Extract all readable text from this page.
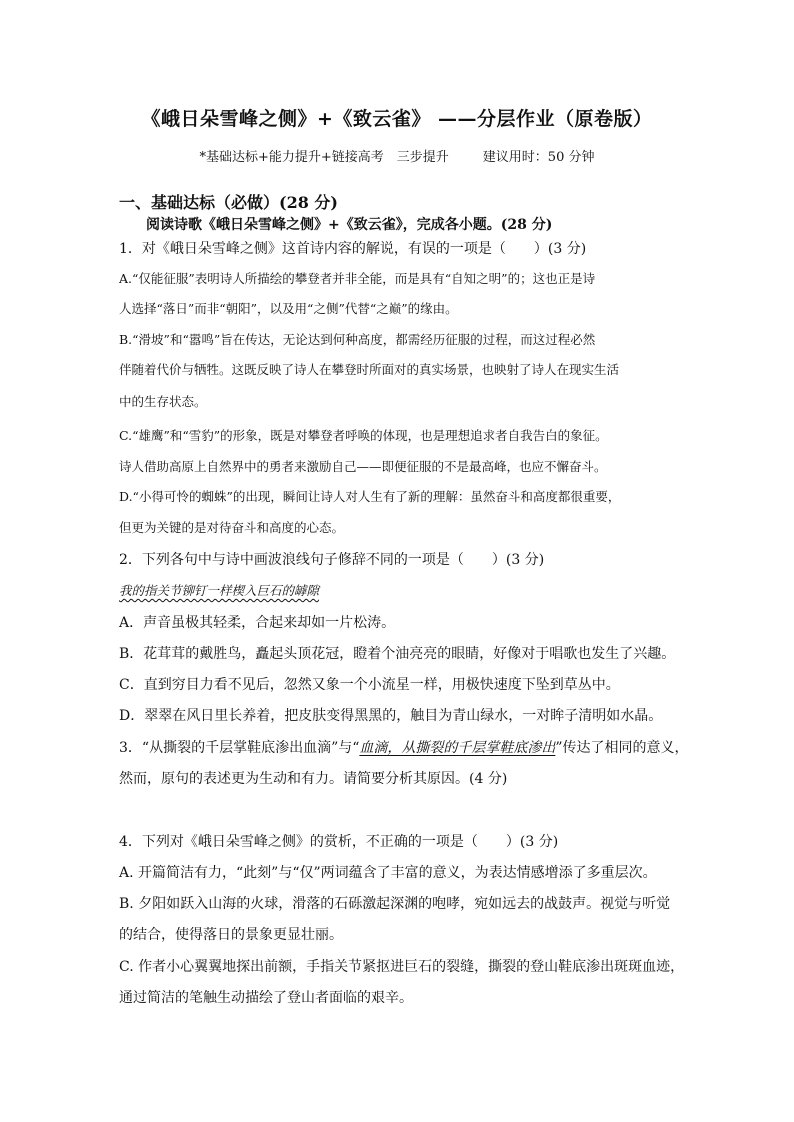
《峨日朵雪峰之侧》+《致云雀》 ——分层作业（原卷版）
*基础达标+能力提升+链接高考　三步提升	建议用时：50 分钟
一、基础达标（必做）(28 分)
阅读诗歌《峨日朵雪峰之侧》+《致云雀》，完成各小题。(28 分)
1．对《峨日朵雪峰之侧》这首诗内容的解说，有误的一项是（　　）(3 分)
A.“仅能征服”表明诗人所描绘的攀登者并非全能，而是具有“自知之明”的；这也正是诗
人选择“落日”而非“朝阳”，以及用“之侧”代替“之巅”的缘由。
B.“滑坡”和“嚣鸣”旨在传达，无论达到何种高度，都需经历征服的过程，而这过程必然
伴随着代价与牺牲。这既反映了诗人在攀登时所面对的真实场景，也映射了诗人在现实生活
中的生存状态。
C.“雄鹰”和“雪豹”的形象，既是对攀登者呼唤的体现，也是理想追求者自我告白的象征。
诗人借助高原上自然界中的勇者来激励自己——即便征服的不是最高峰，也应不懈奋斗。
D.“小得可怜的蜘蛛”的出现，瞬间让诗人对人生有了新的理解：虽然奋斗和高度都很重要，
但更为关键的是对待奋斗和高度的心态。
2．下列各句中与诗中画波浪线句子修辞不同的一项是（　　）(3 分)
我的指关节铆钉一样楔入巨石的罅隙
A．声音虽极其轻柔，合起来却如一片松涛。
B．花茸茸的戴胜鸟，矗起头顶花冠，瞪着个油亮亮的眼睛，好像对于唱歌也发生了兴趣。
C．直到穷目力看不见后，忽然又象一个小流星一样，用极快速度下坠到草丛中。
D．翠翠在风日里长养着，把皮肤变得黑黑的，触目为青山绿水，一对眸子清明如水晶。
3．“从撕裂的千层掌鞋底渗出血滴”与“血滴，从撕裂的千层掌鞋底渗出”传达了相同的意义，
然而，原句的表述更为生动和有力。请简要分析其原因。(4 分)
4．下列对《峨日朵雪峰之侧》的赏析，不正确的一项是（　　）(3 分)
A. 开篇简洁有力，“此刻”与“仅”两词蕴含了丰富的意义，为表达情感增添了多重层次。
B. 夕阳如跃入山海的火球，滑落的石砾激起深渊的咆哮，宛如远去的战鼓声。视觉与听觉
的结合，使得落日的景象更显壮丽。
C. 作者小心翼翼地探出前额，手指关节紧抠进巨石的裂缝，撕裂的登山鞋底渗出斑斑血迹，
通过简洁的笔触生动描绘了登山者面临的艰辛。
